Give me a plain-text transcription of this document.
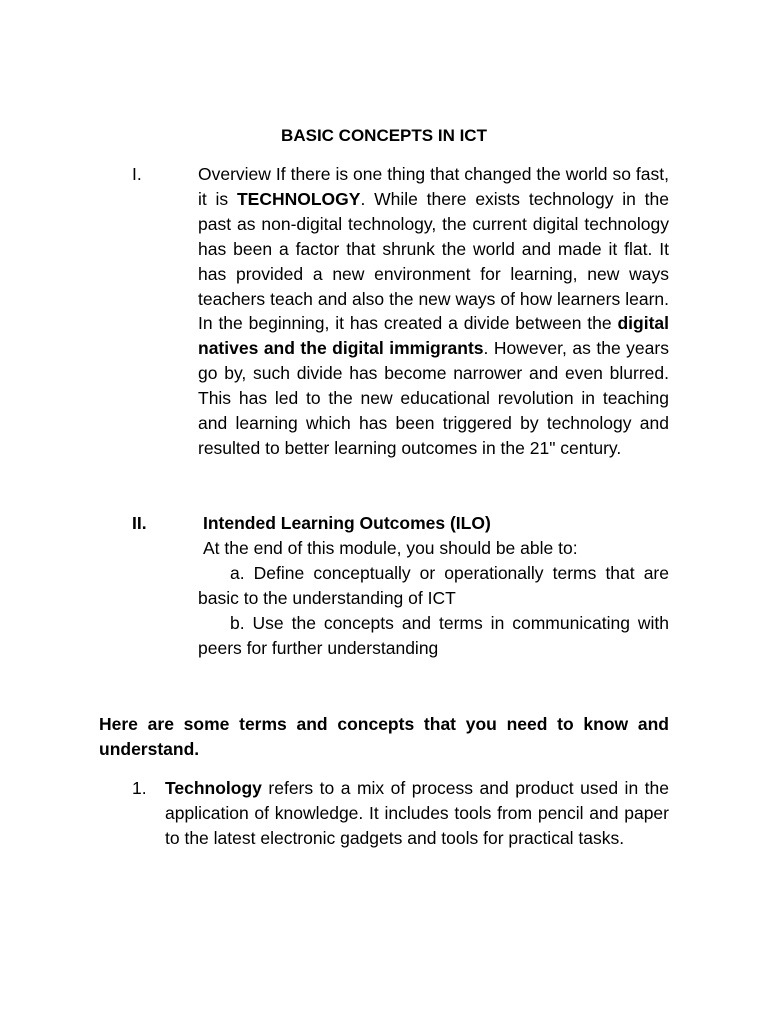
BASIC CONCEPTS IN ICT
I.	Overview If there is one thing that changed the world so fast, it is TECHNOLOGY. While there exists technology in the past as non-digital technology, the current digital technology has been a factor that shrunk the world and made it flat. It has provided a new environment for learning, new ways teachers teach and also the new ways of how learners learn. In the beginning, it has created a divide between the digital natives and the digital immigrants. However, as the years go by, such divide has become narrower and even blurred. This has led to the new educational revolution in teaching and learning which has been triggered by technology and resulted to better learning outcomes in the 21" century.

II.	Intended Learning Outcomes (ILO)
At the end of this module, you should be able to:

a. Define conceptually or operationally terms that are basic to the understanding of ICT

b. Use the concepts and terms in communicating with peers for further understanding

Here are some terms and concepts that you need to know and understand.

1. Technology refers to a mix of process and product used in the application of knowledge. It includes tools from pencil and paper to the latest electronic gadgets and tools for practical tasks.
